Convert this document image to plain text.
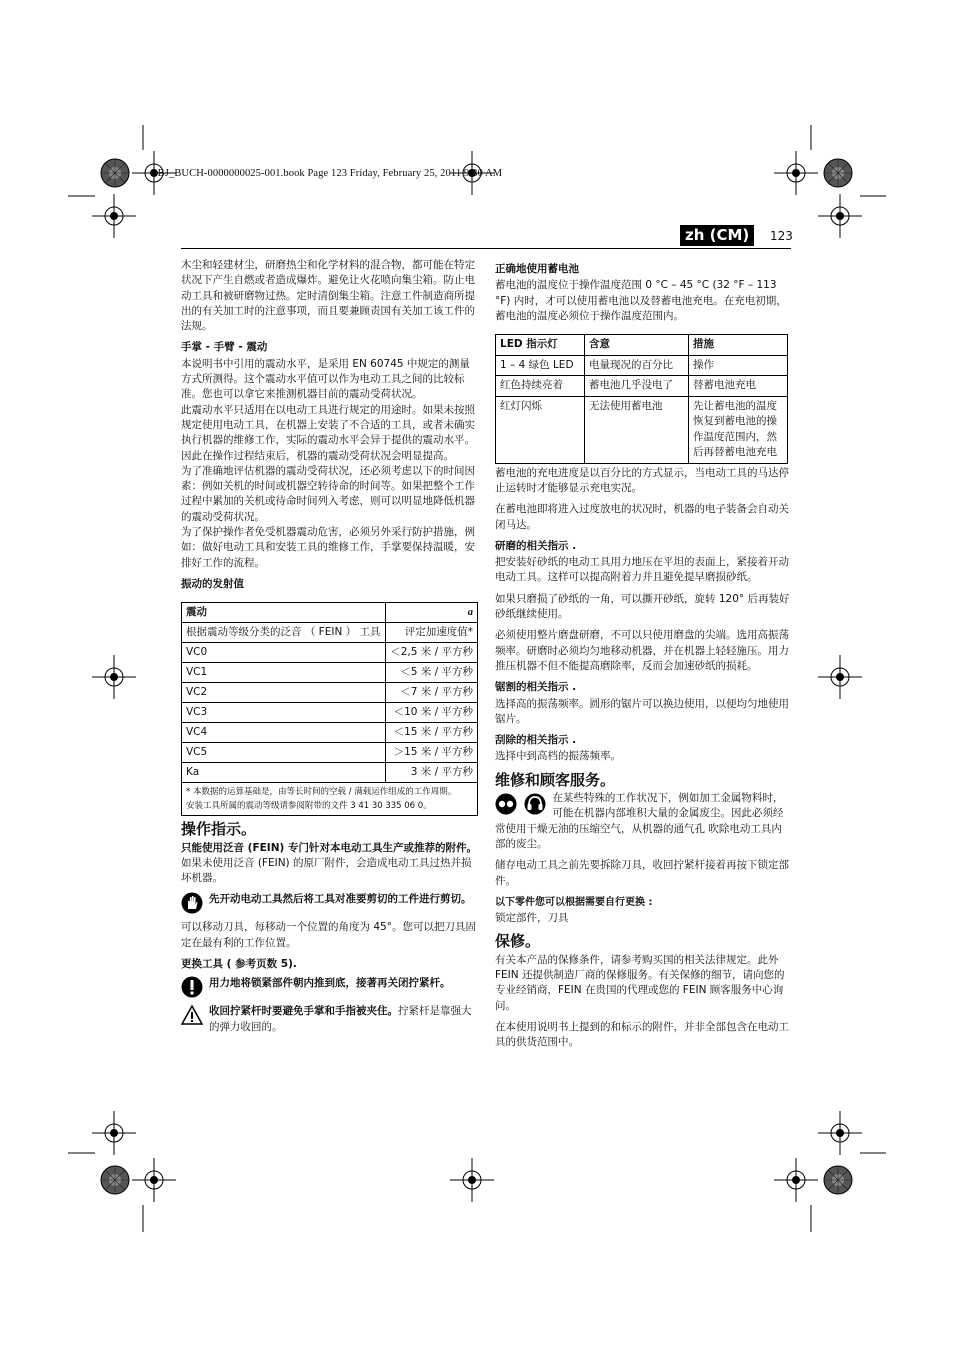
OBJ_BUCH-0000000025-001.book Page 123 Friday, February 25, 2011 9:30 AM
zh (CM)	123

木尘和轻建材尘，研磨热尘和化学材料的混合物，都可能在特定状况下产生自燃或者造成爆炸。避免让火花喷向集尘箱。防止电动工具和被研磨物过热。定时清倒集尘箱。注意工件制造商所提出的有关加工时的注意事项，而且要兼顾责国有关加工该工件的法规。

手掌 - 手臂 - 震动

本说明书中引用的震动水平，是采用 EN 60745 中规定的测量方式所测得。这个震动水平值可以作为电动工具之间的比较标准。您也可以拿它来推测机器目前的震动受荷状况。

此震动水平只适用在以电动工具进行规定的用途时。如果未按照规定使用电动工具，在机器上安装了不合适的工具，或者未确实执行机器的维修工作，实际的震动水平会异于提供的震动水平。因此在操作过程结束后，机器的震动受荷状况会明显提高。

为了准确地评估机器的震动受荷状况，还必须考虑以下的时间因素：例如关机的时间或机器空转待命的时间等。如果把整个工作过程中累加的关机或待命时间列入考虑，则可以明显地降低机器的震动受荷状况。

为了保护操作者免受机器震动危害，必须另外采行防护措施，例如：做好电动工具和安装工具的维修工作，手掌要保持温暖，安排好工作的流程。

振动的发射值
震动	a
根据震动等级分类的泛音 （ FEIN ） 工具	评定加速度值*
VC0	＜2,5 米 / 平方秒
VC1	＜5 米 / 平方秒
VC2	＜7 米 / 平方秒
VC3	＜10 米 / 平方秒
VC4	＜15 米 / 平方秒
VC5	＞15 米 / 平方秒
Ka	3 米 / 平方秒

* 本数据的运算基础是，由等长时间的空载 / 满载运作组成的工作周期。
安装工具所属的震动等级请参阅附带的文件 3 41 30 335 06 0。	
操作指示。

只能使用泛音 (FEIN) 专门针对本电动工具生产或推荐的附件。如果未使用泛音 (FEIN) 的原厂附件，会造成电动工具过热并损坏机器。

先开动电动工具然后将工具对准要剪切的工件进行剪切。

可以移动刀具，每移动一个位置的角度为 45°。您可以把刀具固定在最有利的工作位置。

更换工具 ( 参考页数 5).
用力地将锁紧部件朝内推到底，接著再关闭拧紧杆。
收回拧紧杆时要避免手掌和手指被夹住。拧紧杆是靠强大的弹力收回的。
正确地使用蓄电池

蓄电池的温度位于操作温度范围 0 °C – 45 °C (32 °F – 113 °F) 内时，才可以使用蓄电池以及替蓄电池充电。在充电初期，蓄电池的温度必须位于操作温度范围内。

LED 指示灯	含意	措施
1 – 4 绿色 LED	电量现况的百分比	操作
红色持续亮着	蓄电池几乎没电了	替蓄电池充电
红灯闪烁	无法使用蓄电池	先让蓄电池的温度恢复到蓄电池的操作温度范围内，然后再替蓄电池充电

蓄电池的充电进度是以百分比的方式显示，当电动工具的马达停止运转时才能够显示充电实况。

在蓄电池即将进入过度放电的状况时，机器的电子装备会自动关闭马达。

研磨的相关指示 .

把安装好砂纸的电动工具用力地压在平坦的表面上，紧接着开动电动工具。这样可以提高附着力并且避免提早磨损砂纸。

如果只磨损了砂纸的一角，可以撕开砂纸，旋转 120° 后再装好砂纸继续使用。

必须使用整片磨盘研磨，不可以只使用磨盘的尖端。选用高振荡频率。研磨时必须均匀地移动机器，并在机器上轻轻施压。用力推压机器不但不能提高磨除率，反而会加速砂纸的损耗。

锯割的相关指示 .

选择高的振荡频率。圆形的锯片可以换边使用，以便均匀地使用锯片。

刮除的相关指示 .

选择中到高档的振荡频率。

维修和顾客服务。

在某些特殊的工作状况下，例如加工金属物料时，可能在机器内部堆积大量的金属废尘。因此必须经常使用干燥无油的压缩空气，从机器的通气孔 吹除电动工具内部的废尘。

储存电动工具之前先要拆除刀具，收回拧紧杆接着再按下锁定部件。

以下零件您可以根据需要自行更换 :

锁定部件，刀具

保修。

有关本产品的保修条件，请参考购买国的相关法律规定。此外 FEIN 还提供制造厂商的保修服务。有关保修的细节，请向您的专业经销商，FEIN 在贵国的代理或您的 FEIN 顾客服务中心询问。

在本使用说明书上提到的和标示的附件，并非全部包含在电动工具的供货范围中。
